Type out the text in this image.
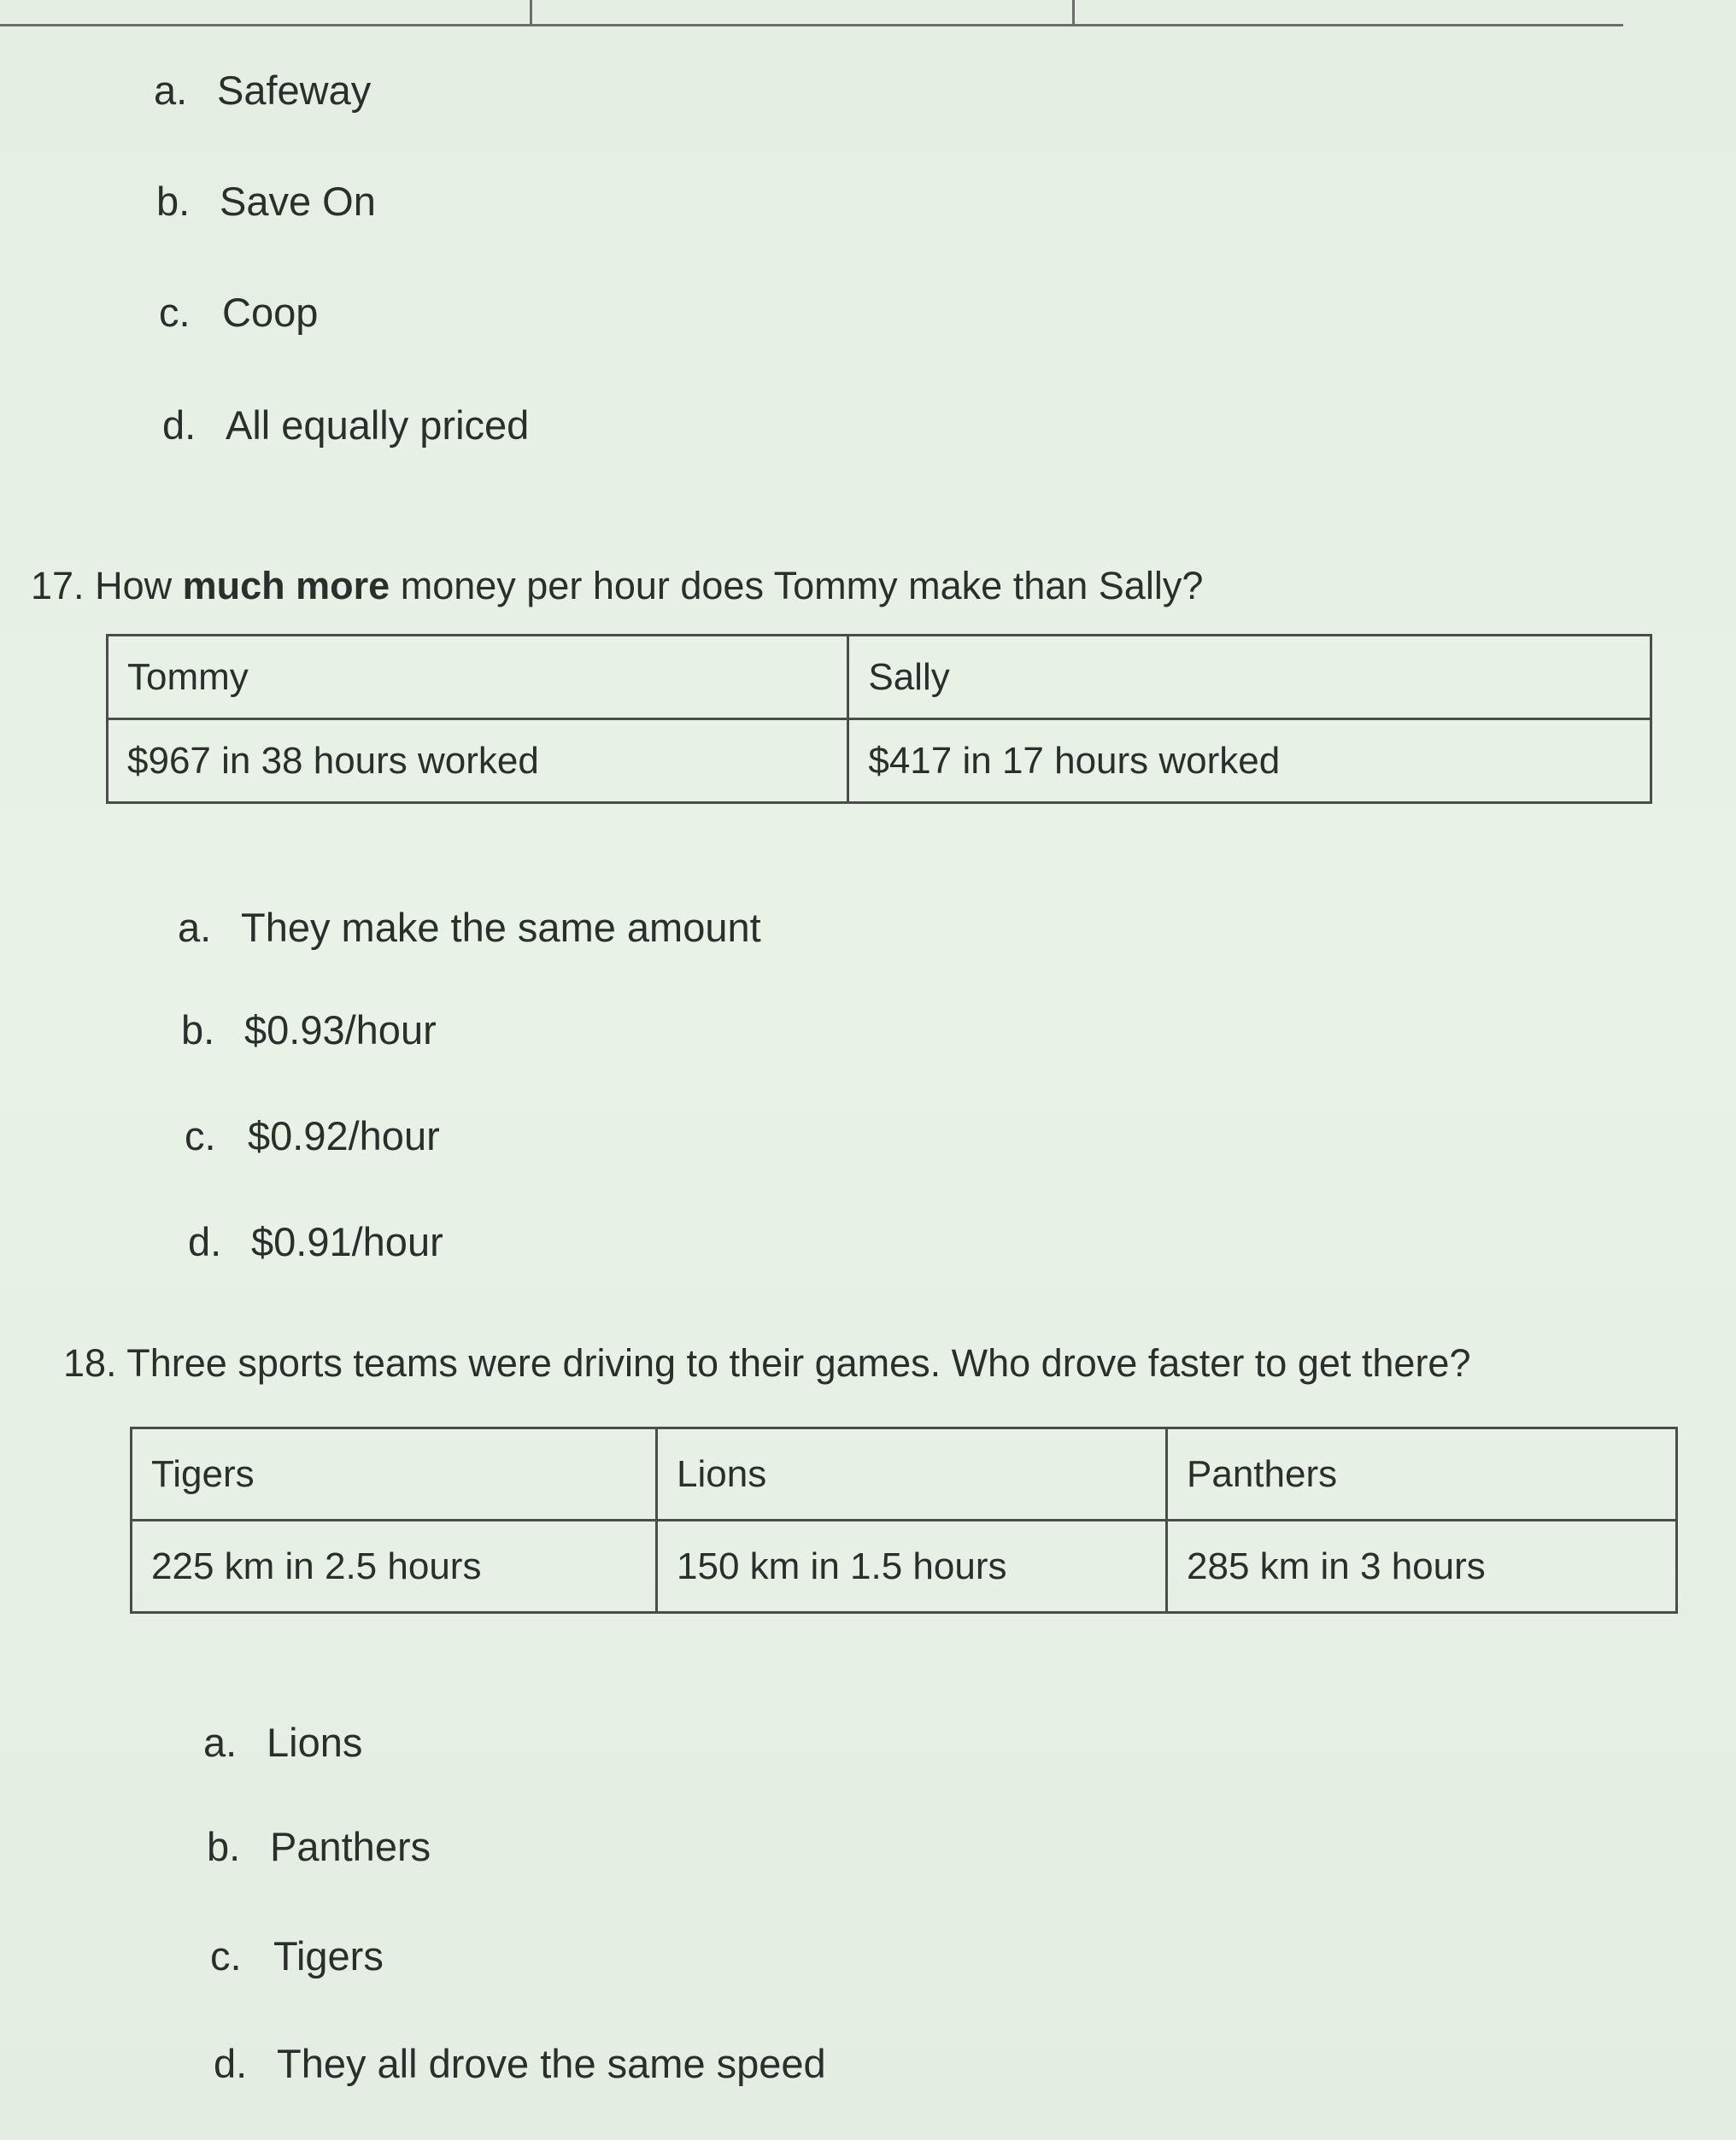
a. Safeway
b. Save On
c. Coop
d. All equally priced
17. How much more money per hour does Tommy make than Sally?
Tommy	Sally
$967 in 38 hours worked	$417 in 17 hours worked
a. They make the same amount
b. $0.93/hour
c. $0.92/hour
d. $0.91/hour
18. Three sports teams were driving to their games. Who drove faster to get there?
Tigers	Lions	Panthers
225 km in 2.5 hours	150 km in 1.5 hours	285 km in 3 hours
a. Lions
b. Panthers
c. Tigers
d. They all drove the same speed
